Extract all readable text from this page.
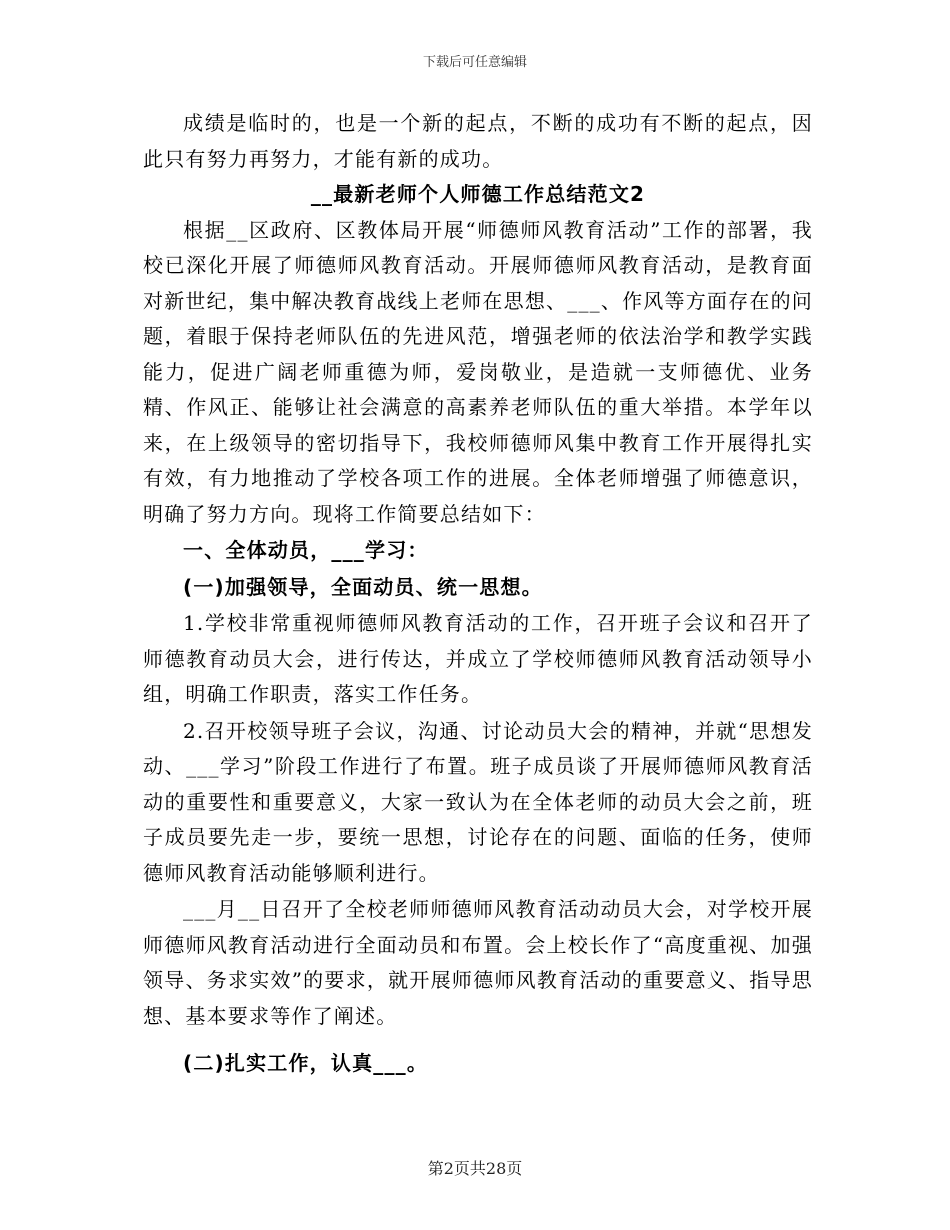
下载后可任意编辑

成绩是临时的，也是一个新的起点，不断的成功有不断的起点，因此只有努力再努力，才能有新的成功。

__最新老师个人师德工作总结范文2

根据__区政府、区教体局开展“师德师风教育活动”工作的部署，我校已深化开展了师德师风教育活动。开展师德师风教育活动，是教育面对新世纪，集中解决教育战线上老师在思想、___、作风等方面存在的问题，着眼于保持老师队伍的先进风范，增强老师的依法治学和教学实践能力，促进广阔老师重德为师，爱岗敬业，是造就一支师德优、业务精、作风正、能够让社会满意的高素养老师队伍的重大举措。本学年以来，在上级领导的密切指导下，我校师德师风集中教育工作开展得扎实有效，有力地推动了学校各项工作的进展。全体老师增强了师德意识，明确了努力方向。现将工作简要总结如下：

一、全体动员，___学习：

(一)加强领导，全面动员、统一思想。

1.学校非常重视师德师风教育活动的工作，召开班子会议和召开了师德教育动员大会，进行传达，并成立了学校师德师风教育活动领导小组，明确工作职责，落实工作任务。

2.召开校领导班子会议，沟通、讨论动员大会的精神，并就“思想发动、___学习”阶段工作进行了布置。班子成员谈了开展师德师风教育活动的重要性和重要意义，大家一致认为在全体老师的动员大会之前，班子成员要先走一步，要统一思想，讨论存在的问题、面临的任务，使师德师风教育活动能够顺利进行。

___月__日召开了全校老师师德师风教育活动动员大会，对学校开展师德师风教育活动进行全面动员和布置。会上校长作了“高度重视、加强领导、务求实效”的要求，就开展师德师风教育活动的重要意义、指导思想、基本要求等作了阐述。

(二)扎实工作，认真___。

第2页共28页
